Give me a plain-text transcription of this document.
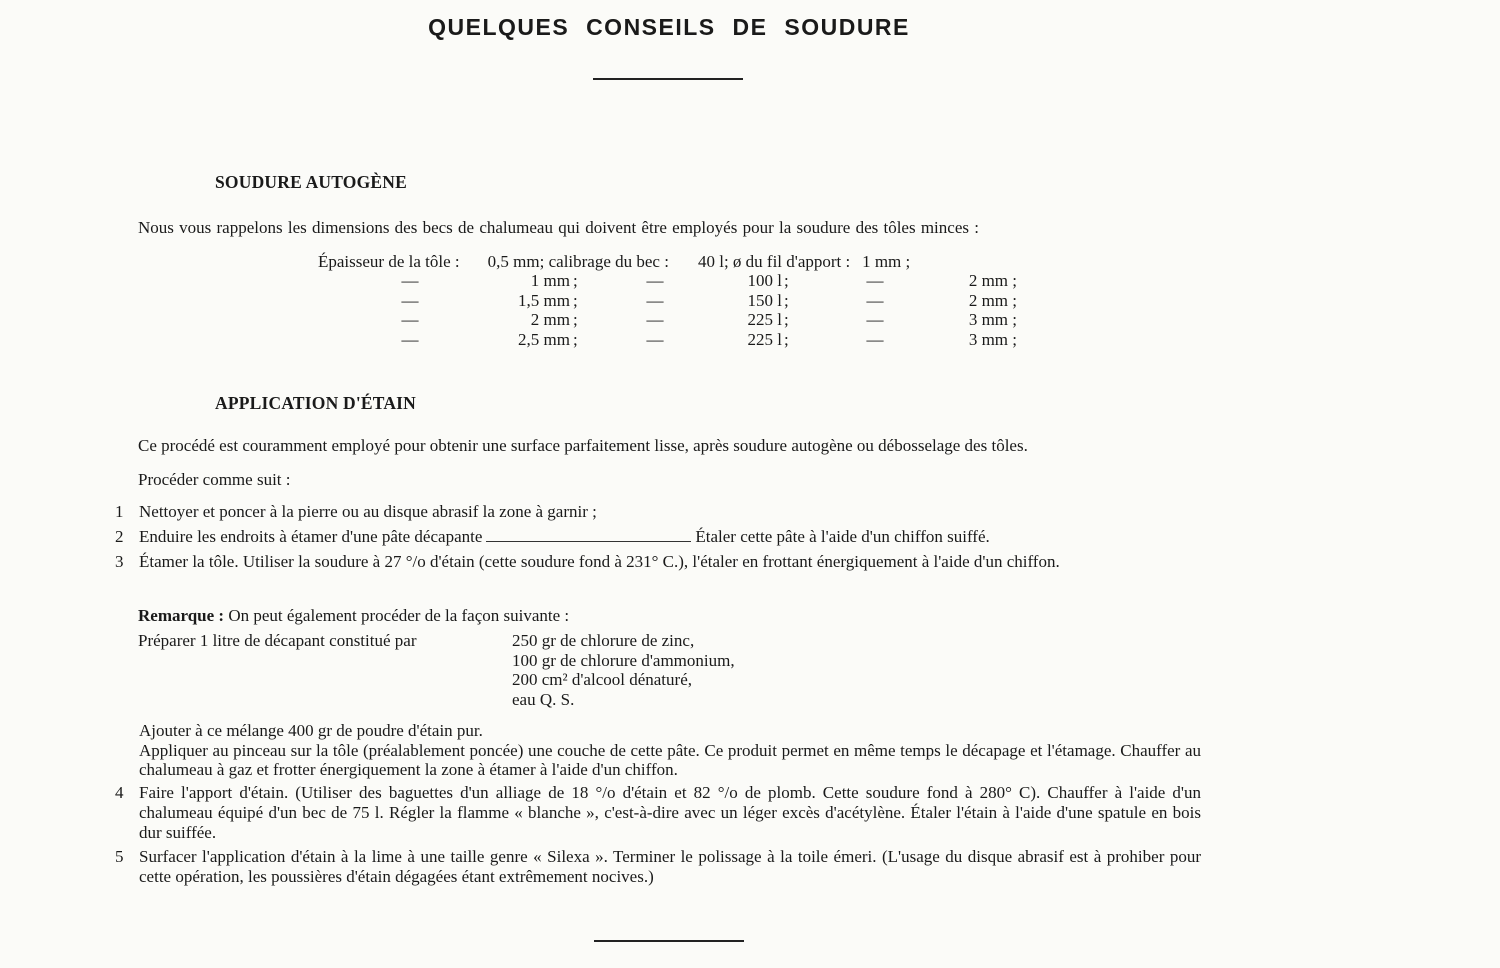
QUELQUES CONSEILS DE SOUDURE
SOUDURE AUTOGÈNE
Nous vous rappelons les dimensions des becs de chalumeau qui doivent être employés pour la soudure des tôles minces :
Épaisseur de la tôle :	0,5 mm	; calibrage du bec :	40 l	; ø du fil d'apport :	1 mm ;
—	1 mm ;	—	100 l ;	—	2 mm ;
—	1,5 mm ;	—	150 l ;	—	2 mm ;
—	2 mm ;	—	225 l ;	—	3 mm ;
—	2,5 mm ;	—	225 l ;	—	3 mm ;
APPLICATION D'ÉTAIN
Ce procédé est couramment employé pour obtenir une surface parfaitement lisse, après soudure autogène ou débosselage des tôles.
Procéder comme suit :
1 Nettoyer et poncer à la pierre ou au disque abrasif la zone à garnir ;
2 Enduire les endroits à étamer d'une pâte décapante	Étaler cette pâte à l'aide d'un chiffon suiffé.
3 Étamer la tôle. Utiliser la soudure à 27 °/o d'étain (cette soudure fond à 231° C.), l'étaler en frottant énergiquement à l'aide d'un chiffon.
Remarque : On peut également procéder de la façon suivante :
Préparer 1 litre de décapant constitué par	250 gr de chlorure de zinc,
100 gr de chlorure d'ammonium,
200 cm² d'alcool dénaturé,
eau Q. S.
Ajouter à ce mélange 400 gr de poudre d'étain pur.
Appliquer au pinceau sur la tôle (préalablement poncée) une couche de cette pâte. Ce produit permet en même temps le décapage et l'étamage. Chauffer au chalumeau à gaz et frotter énergiquement la zone à étamer à l'aide d'un chiffon.
4 Faire l'apport d'étain. (Utiliser des baguettes d'un alliage de 18 °/o d'étain et 82 °/o de plomb. Cette soudure fond à 280° C). Chauffer à l'aide d'un chalumeau équipé d'un bec de 75 l. Régler la flamme « blanche », c'est-à-dire avec un léger excès d'acétylène. Étaler l'étain à l'aide d'une spatule en bois dur suiffée.
5 Surfacer l'application d'étain à la lime à une taille genre « Silexa ». Terminer le polissage à la toile émeri. (L'usage du disque abrasif est à prohiber pour cette opération, les poussières d'étain dégagées étant extrêmement nocives.)
